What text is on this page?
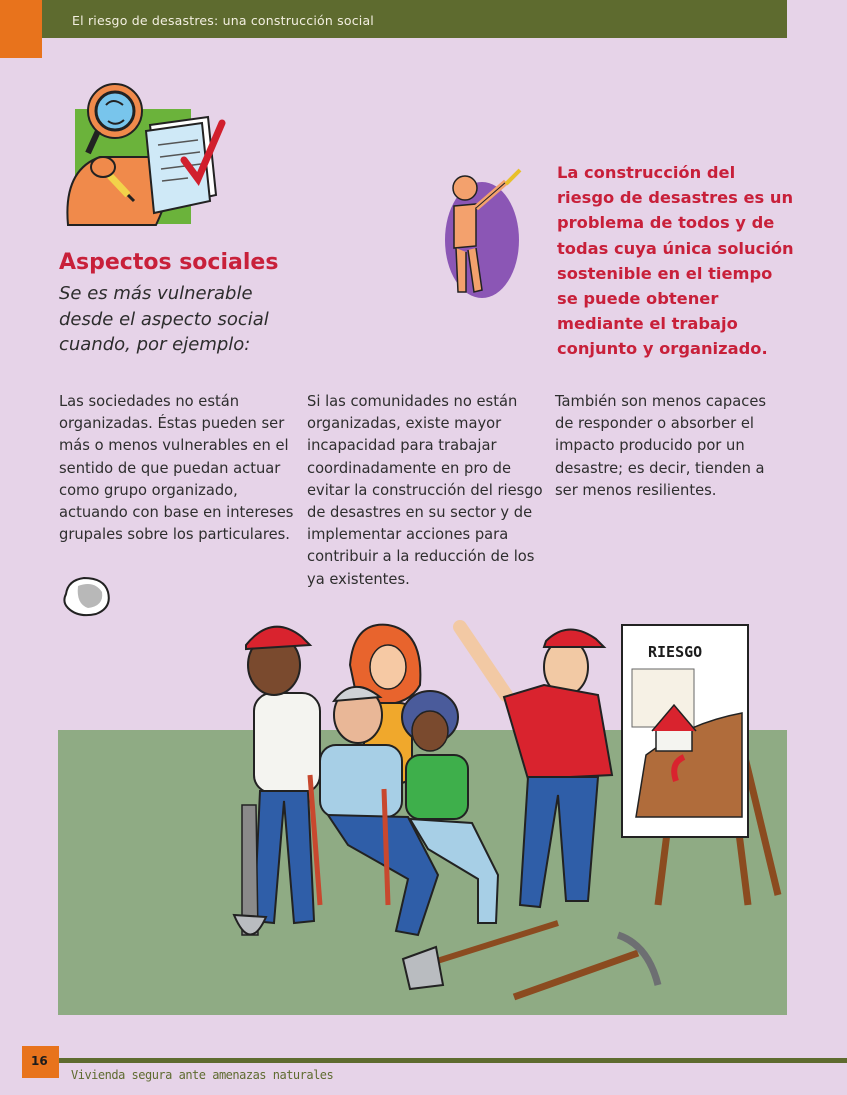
El riesgo de desastres: una construcción social
Aspectos sociales
Se es más vulnerable desde el aspecto social cuando, por ejemplo:
La construcción del riesgo de desastres es un problema de todos y de todas cuya única solución sostenible en el tiempo se puede obtener mediante el trabajo conjunto y organizado.
Las sociedades no están organizadas. Éstas pueden ser más o menos vulnerables en el sentido de que puedan actuar como grupo organizado, actuando con base en intereses grupales sobre los particulares.
Si las comunidades no están organizadas, existe mayor incapacidad para trabajar coordinadamente en pro de evitar la construcción del riesgo de desastres en su sector y de implementar acciones para contribuir a la reducción de los ya existentes.
También son menos capaces de responder o absorber el impacto producido por un desastre; es decir, tienden a ser menos resilientes.
RIESGO
16
Vivienda segura ante amenazas naturales
